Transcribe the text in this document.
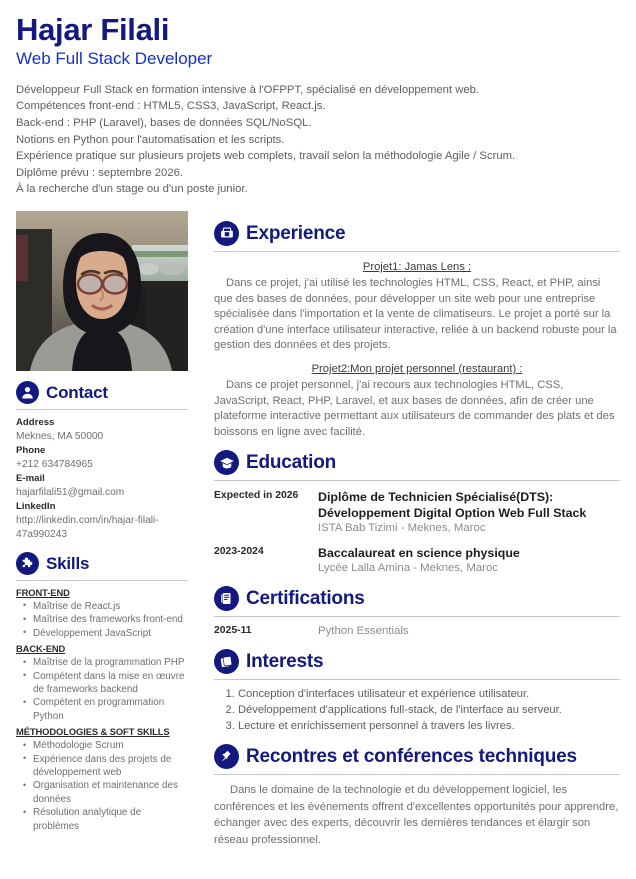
Hajar Filali
Web Full Stack Developer
Développeur Full Stack en formation intensive à l'OFPPT, spécialisé en développement web.
Compétences front-end : HTML5, CSS3, JavaScript, React.js.
Back-end : PHP (Laravel), bases de données SQL/NoSQL.
Notions en Python pour l'automatisation et les scripts.
Expérience pratique sur plusieurs projets web complets, travail selon la méthodologie Agile / Scrum.
Diplôme prévu : septembre 2026.
À la recherche d'un stage ou d'un poste junior.
Contact
Address
Meknes, MA 50000
Phone
+212 634784965
E-mail
hajarfilali51@gmail.com
LinkedIn
http://linkedin.com/in/hajar-filali-47a990243
Skills
FRONT-END
• Maîtrise de React.js
• Maîtrise des frameworks front-end
• Développement JavaScript
BACK-END
• Maîtrise de la programmation PHP
• Compétent dans la mise en œuvre de frameworks backend
• Compétent en programmation Python
MÉTHODOLOGIES & SOFT SKILLS
• Méthodologie Scrum
• Expérience dans des projets de développement web
• Organisation et maintenance des données
• Résolution analytique de problèmes
Experience
Projet1: Jamas Lens :
Dans ce projet, j'ai utilisé les technologies HTML, CSS, React, et PHP, ainsi que des bases de données, pour développer un site web pour une entreprise spécialisée dans l'importation et la vente de climatiseurs. Le projet a porté sur la création d'une interface utilisateur interactive, reliée à un backend robuste pour la gestion des données et des projets.
Projet2:Mon projet personnel (restaurant) :
Dans ce projet personnel, j'ai recours aux technologies HTML, CSS, JavaScript, React, PHP, Laravel, et aux bases de données, afin de créer une plateforme interactive permettant aux utilisateurs de commander des plats et des boissons en ligne avec facilité.
Education
Expected in 2026	Diplôme de Technicien Spécialisé(DTS): Développement Digital Option Web Full Stack
ISTA Bab Tizimi - Meknes, Maroc
2023-2024	Baccalaureat en science physique
Lycée Lalla Amina - Meknes, Maroc
Certifications
2025-11	Python Essentials
Interests
1. Conception d'interfaces utilisateur et expérience utilisateur.
2. Développement d'applications full-stack, de l'interface au serveur.
3. Lecture et enrichissement personnel à travers les livres.
Recontres et conférences techniques
Dans le domaine de la technologie et du développement logiciel, les conférences et les événements offrent d'excellentes opportunités pour apprendre, échanger avec des experts, découvrir les dernières tendances et élargir son réseau professionnel.
